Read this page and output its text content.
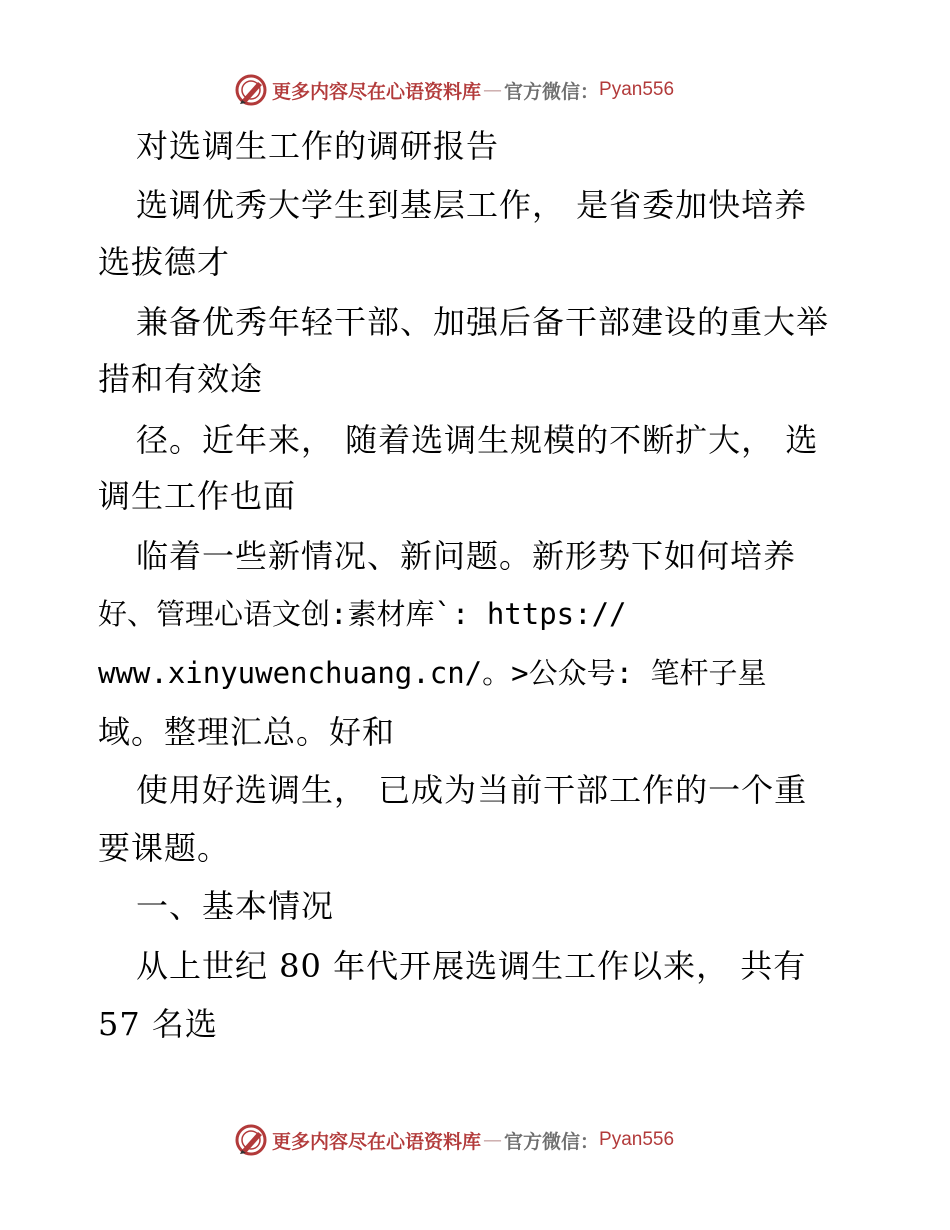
更多内容尽在心语资料库 — 官方微信： Pyan556
对选调生工作的调研报告
选调优秀大学生到基层工作， 是省委加快培养
选拔德才
兼备优秀年轻干部、加强后备干部建设的重大举
措和有效途
径。近年来， 随着选调生规模的不断扩大， 选
调生工作也面
临着一些新情况、新问题。新形势下如何培养
好、管理心语文创:素材库`: https://
www.xinyuwenchuang.cn/。>公众号: 笔杆子星
域。整理汇总。好和
使用好选调生， 已成为当前干部工作的一个重
要课题。
一、基本情况
从上世纪 80 年代开展选调生工作以来， 共有
57 名选
更多内容尽在心语资料库 — 官方微信： Pyan556
